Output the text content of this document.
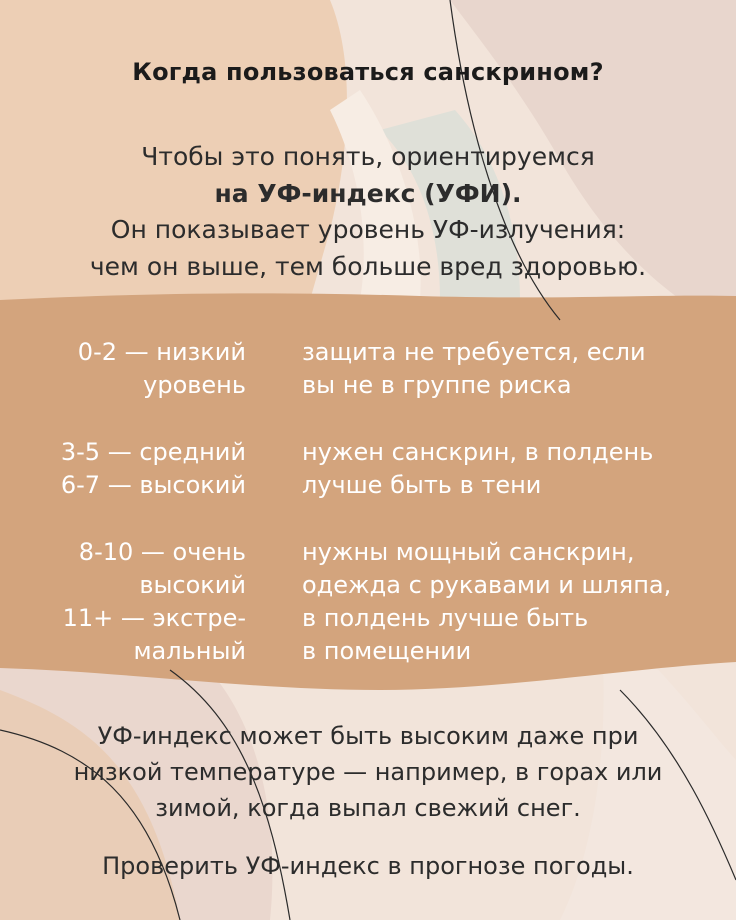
Когда пользоваться санскрином?
Чтобы это понять, ориентируемся
на УФ-индекс (УФИ).
Он показывает уровень УФ-излучения:
чем он выше, тем больше вред здоровью.
0-2 — низкий
уровень
защита не требуется, если
вы не в группе риска
3-5 — средний
6-7 — высокий
нужен санскрин, в полдень
лучше быть в тени
8-10 — очень
высокий
11+ — экстре-
мальный
нужны мощный санскрин,
одежда с рукавами и шляпа,
в полдень лучше быть
в помещении
УФ-индекс может быть высоким даже при
низкой температуре — например, в горах или
зимой, когда выпал свежий снег.
Проверить УФ-индекс в прогнозе погоды.
